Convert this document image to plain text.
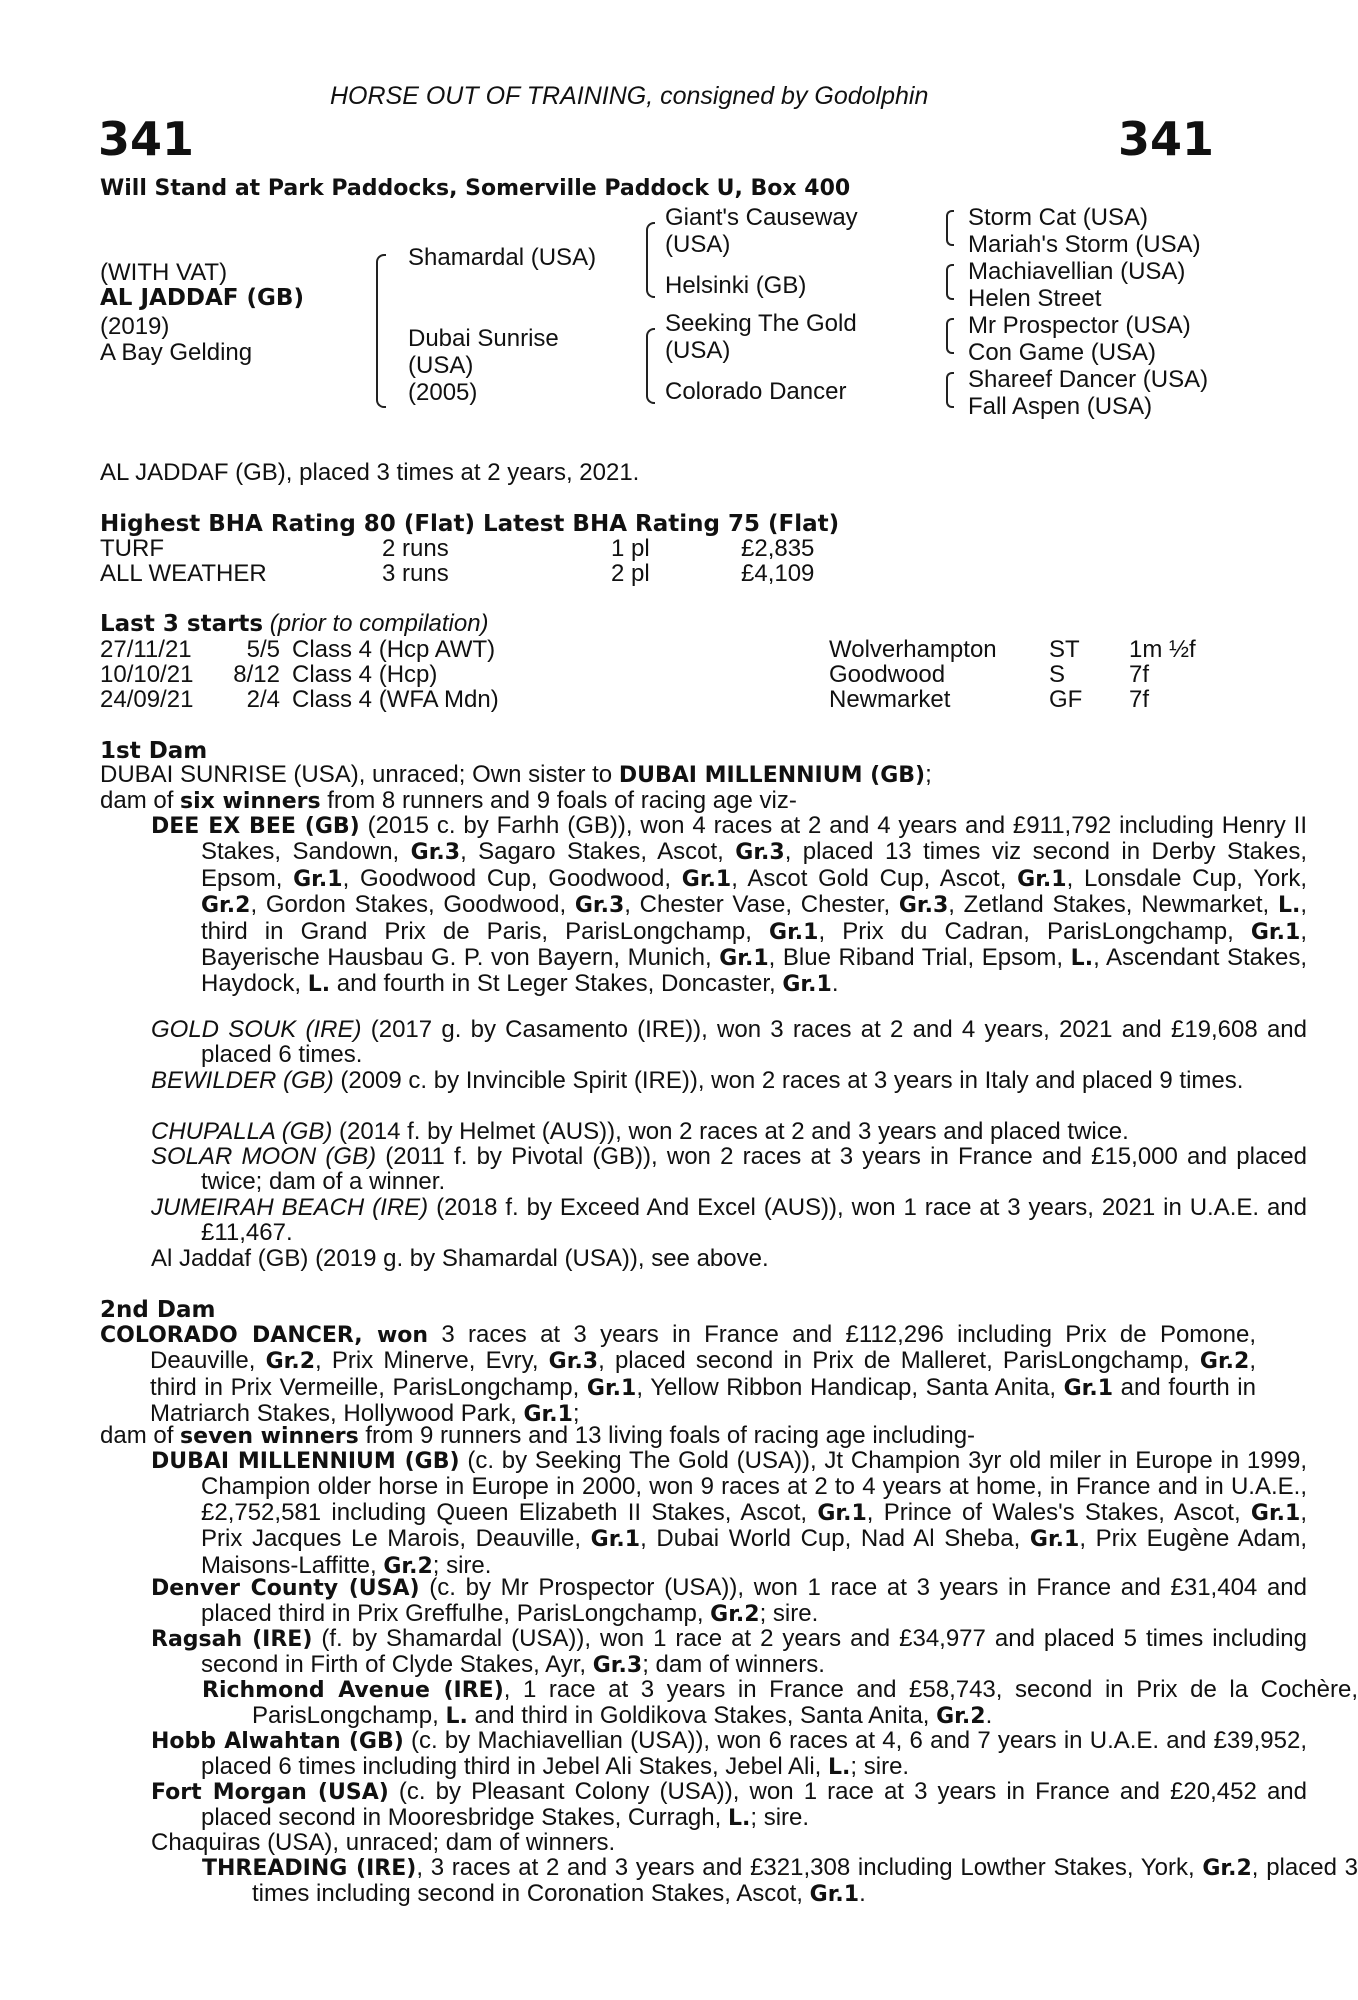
HORSE OUT OF TRAINING, consigned by Godolphin
341	341
Will Stand at Park Paddocks, Somerville Paddock U, Box 400
(WITH VAT)
AL JADDAF (GB)
(2019)
A Bay Gelding
Shamardal (USA)
Dubai Sunrise
(USA)
(2005)
Giant's Causeway
(USA)
Helsinki (GB)
Seeking The Gold
(USA)
Colorado Dancer
Storm Cat (USA)
Mariah's Storm (USA)
Machiavellian (USA)
Helen Street
Mr Prospector (USA)
Con Game (USA)
Shareef Dancer (USA)
Fall Aspen (USA)
AL JADDAF (GB), placed 3 times at 2 years, 2021.
Highest BHA Rating 80 (Flat) Latest BHA Rating 75 (Flat)
TURF	2 runs	1 pl	£2,835
ALL WEATHER	3 runs	2 pl	£4,109
Last 3 starts (prior to compilation)
27/11/21	5/5	Class 4 (Hcp AWT)	Wolverhampton	ST	1m ½f
10/10/21	8/12	Class 4 (Hcp)	Goodwood	S	7f
24/09/21	2/4	Class 4 (WFA Mdn)	Newmarket	GF	7f
1st Dam
DUBAI SUNRISE (USA), unraced; Own sister to DUBAI MILLENNIUM (GB);
dam of six winners from 8 runners and 9 foals of racing age viz-
DEE EX BEE (GB) (2015 c. by Farhh (GB)), won 4 races at 2 and 4 years and £911,792 including Henry II Stakes, Sandown, Gr.3, Sagaro Stakes, Ascot, Gr.3, placed 13 times viz second in Derby Stakes, Epsom, Gr.1, Goodwood Cup, Goodwood, Gr.1, Ascot Gold Cup, Ascot, Gr.1, Lonsdale Cup, York, Gr.2, Gordon Stakes, Goodwood, Gr.3, Chester Vase, Chester, Gr.3, Zetland Stakes, Newmarket, L., third in Grand Prix de Paris, ParisLongchamp, Gr.1, Prix du Cadran, ParisLongchamp, Gr.1, Bayerische Hausbau G. P. von Bayern, Munich, Gr.1, Blue Riband Trial, Epsom, L., Ascendant Stakes, Haydock, L. and fourth in St Leger Stakes, Doncaster, Gr.1.
GOLD SOUK (IRE) (2017 g. by Casamento (IRE)), won 3 races at 2 and 4 years, 2021 and £19,608 and placed 6 times.
BEWILDER (GB) (2009 c. by Invincible Spirit (IRE)), won 2 races at 3 years in Italy and placed 9 times.
CHUPALLA (GB) (2014 f. by Helmet (AUS)), won 2 races at 2 and 3 years and placed twice.
SOLAR MOON (GB) (2011 f. by Pivotal (GB)), won 2 races at 3 years in France and £15,000 and placed twice; dam of a winner.
JUMEIRAH BEACH (IRE) (2018 f. by Exceed And Excel (AUS)), won 1 race at 3 years, 2021 in U.A.E. and £11,467.
Al Jaddaf (GB) (2019 g. by Shamardal (USA)), see above.
2nd Dam
COLORADO DANCER, won 3 races at 3 years in France and £112,296 including Prix de Pomone, Deauville, Gr.2, Prix Minerve, Evry, Gr.3, placed second in Prix de Malleret, ParisLongchamp, Gr.2, third in Prix Vermeille, ParisLongchamp, Gr.1, Yellow Ribbon Handicap, Santa Anita, Gr.1 and fourth in Matriarch Stakes, Hollywood Park, Gr.1;
dam of seven winners from 9 runners and 13 living foals of racing age including-
DUBAI MILLENNIUM (GB) (c. by Seeking The Gold (USA)), Jt Champion 3yr old miler in Europe in 1999, Champion older horse in Europe in 2000, won 9 races at 2 to 4 years at home, in France and in U.A.E., £2,752,581 including Queen Elizabeth II Stakes, Ascot, Gr.1, Prince of Wales's Stakes, Ascot, Gr.1, Prix Jacques Le Marois, Deauville, Gr.1, Dubai World Cup, Nad Al Sheba, Gr.1, Prix Eugène Adam, Maisons-Laffitte, Gr.2; sire.
Denver County (USA) (c. by Mr Prospector (USA)), won 1 race at 3 years in France and £31,404 and placed third in Prix Greffulhe, ParisLongchamp, Gr.2; sire.
Ragsah (IRE) (f. by Shamardal (USA)), won 1 race at 2 years and £34,977 and placed 5 times including second in Firth of Clyde Stakes, Ayr, Gr.3; dam of winners.
Richmond Avenue (IRE), 1 race at 3 years in France and £58,743, second in Prix de la Cochère, ParisLongchamp, L. and third in Goldikova Stakes, Santa Anita, Gr.2.
Hobb Alwahtan (GB) (c. by Machiavellian (USA)), won 6 races at 4, 6 and 7 years in U.A.E. and £39,952, placed 6 times including third in Jebel Ali Stakes, Jebel Ali, L.; sire.
Fort Morgan (USA) (c. by Pleasant Colony (USA)), won 1 race at 3 years in France and £20,452 and placed second in Mooresbridge Stakes, Curragh, L.; sire.
Chaquiras (USA), unraced; dam of winners.
THREADING (IRE), 3 races at 2 and 3 years and £321,308 including Lowther Stakes, York, Gr.2, placed 3 times including second in Coronation Stakes, Ascot, Gr.1.
